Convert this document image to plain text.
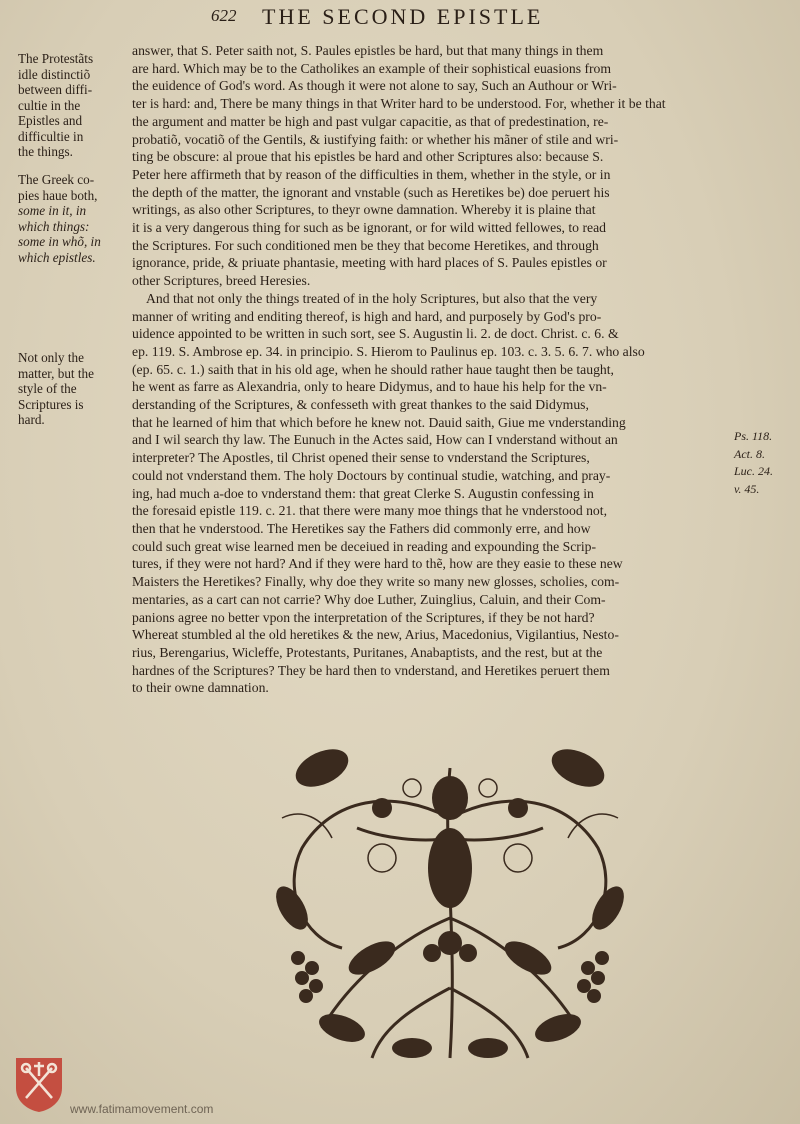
622 THE SECOND EPISTLE
The Protestãts
idle distinctiõ
between diffi-
cultie in the
Epistles and
difficultie in
the things.
The Greek co-
pies haue both,
some in it, in
which things:
some in whõ, in
which epistles.
Not only the
matter, but the
style of the
Scriptures is
hard.
answer, that S. Peter saith not, S. Paules epistles be hard, but that many things in them
are hard. Which may be to the Catholikes an example of their sophistical euasions from
the euidence of God's word. As though it were not alone to say, Such an Authour or Wri-
ter is hard: and, There be many things in that Writer hard to be understood. For, whether it be that
the argument and matter be high and past vulgar capacitie, as that of predestination, re-
probatiõ, vocatiõ of the Gentils, & iustifying faith: or whether his mãner of stile and wri-
ting be obscure: al proue that his epistles be hard and other Scriptures also: because S.
Peter here affirmeth that by reason of the difficulties in them, whether in the style, or in
the depth of the matter, the ignorant and vnstable (such as Heretikes be) doe peruert his
writings, as also other Scriptures, to theyr owne damnation. Whereby it is plaine that
it is a very dangerous thing for such as be ignorant, or for wild witted fellowes, to read
the Scriptures. For such conditioned men be they that become Heretikes, and through
ignorance, pride, & priuate phantasie, meeting with hard places of S. Paules epistles or
other Scriptures, breed Heresies.
And that not only the things treated of in the holy Scriptures, but also that the very
manner of writing and enditing thereof, is high and hard, and purposely by God's pro-
uidence appointed to be written in such sort, see S. Augustin li. 2. de doct. Christ. c. 6. &
ep. 119. S. Ambrose ep. 34. in principio. S. Hierom to Paulinus ep. 103. c. 3. 5. 6. 7. who also
(ep. 65. c. 1.) saith that in his old age, when he should rather haue taught then be taught,
he went as farre as Alexandria, only to heare Didymus, and to haue his help for the vn-
derstanding of the Scriptures, & confesseth with great thankes to the said Didymus,
that he learned of him that which before he knew not. Dauid saith, Giue me vnderstanding
and I wil search thy law. The Eunuch in the Actes said, How can I vnderstand without an
interpreter? The Apostles, til Christ opened their sense to vnderstand the Scriptures,
could not vnderstand them. The holy Doctours by continual studie, watching, and pray-
ing, had much a-doe to vnderstand them: that great Clerke S. Augustin confessing in
the foresaid epistle 119. c. 21. that there were many moe things that he vnderstood not,
then that he vnderstood. The Heretikes say the Fathers did commonly erre, and how
could such great wise learned men be deceiued in reading and expounding the Scrip-
tures, if they were not hard? And if they were hard to thẽ, how are they easie to these new
Maisters the Heretikes? Finally, why doe they write so many new glosses, scholies, com-
mentaries, as a cart can not carrie? Why doe Luther, Zuinglius, Caluin, and their Com-
panions agree no better vpon the interpretation of the Scriptures, if they be not hard?
Whereat stumbled al the old heretikes & the new, Arius, Macedonius, Vigilantius, Nesto-
rius, Berengarius, Wicleffe, Protestants, Puritanes, Anabaptists, and the rest, but at the
hardnes of the Scriptures? They be hard then to vnderstand, and Heretikes peruert them
to their owne damnation.
Ps. 118.
Act. 8.
Luc. 24.
v. 45.
www.fatimamovement.com
